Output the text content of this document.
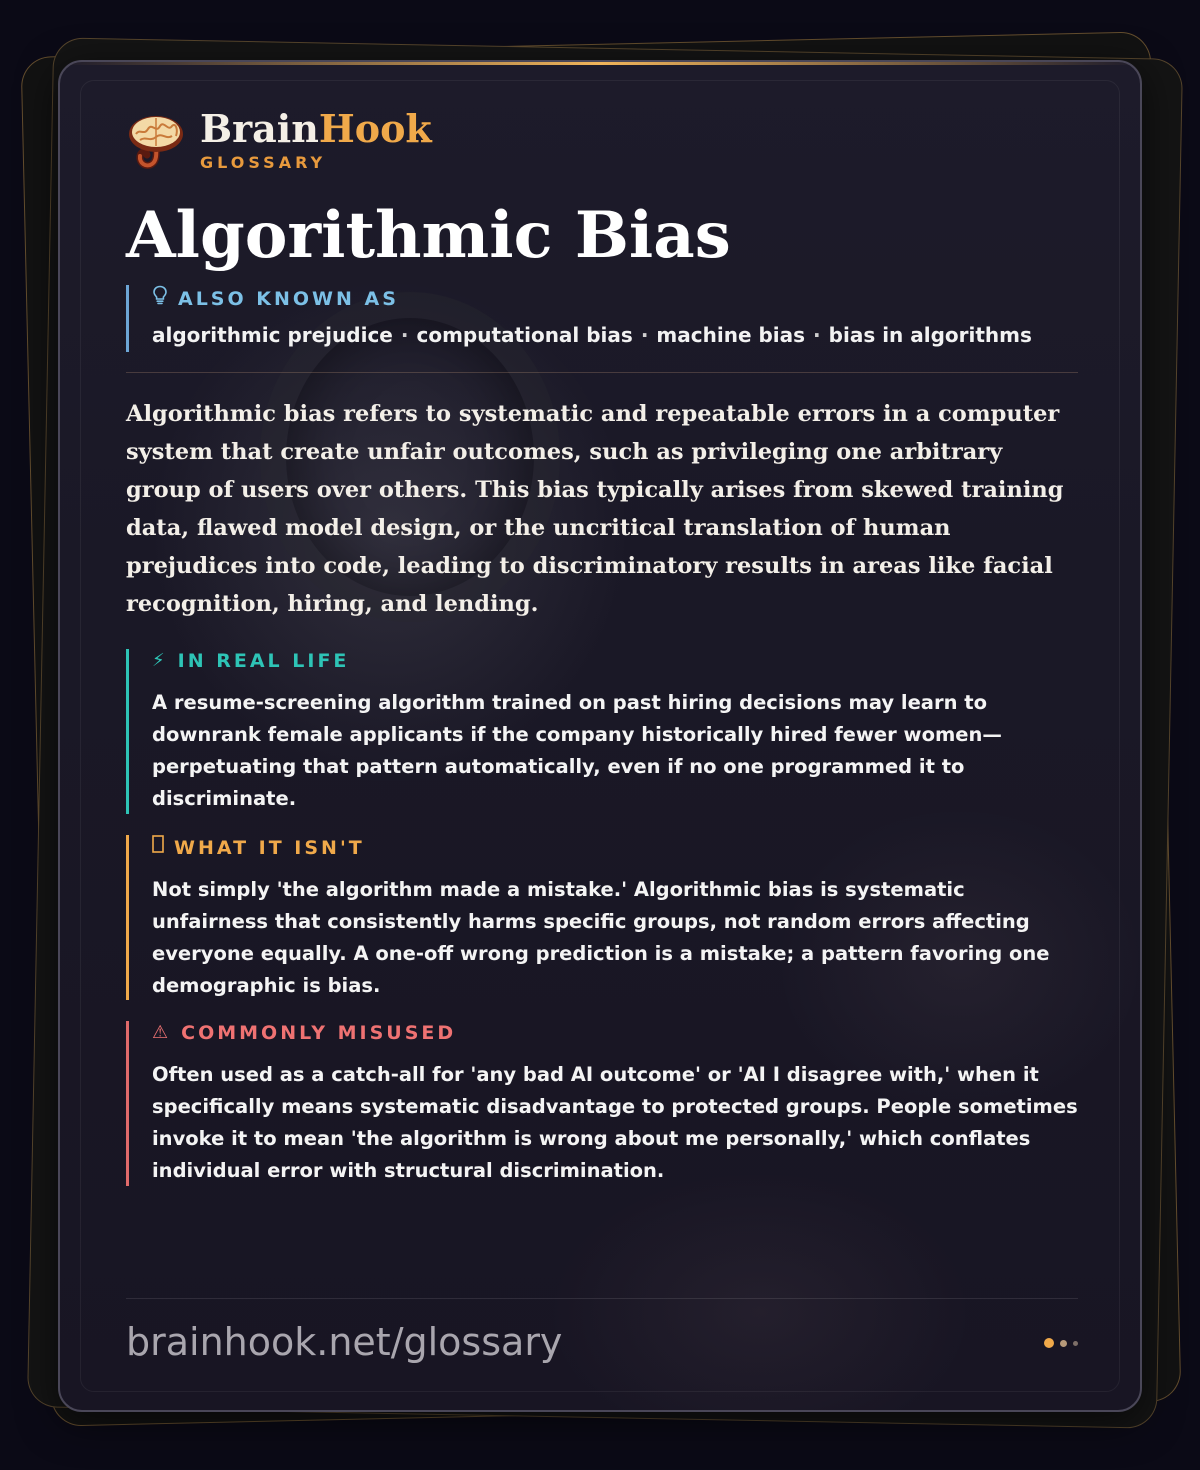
BrainHook
GLOSSARY
Algorithmic Bias
ALSO KNOWN AS
algorithmic prejudice · computational bias · machine bias · bias in algorithms

Algorithmic bias refers to systematic and repeatable errors in a computer system that create unfair outcomes, such as privileging one arbitrary group of users over others. This bias typically arises from skewed training data, flawed model design, or the uncritical translation of human prejudices into code, leading to discriminatory results in areas like facial recognition, hiring, and lending.

⚡ IN REAL LIFE

A resume-screening algorithm trained on past hiring decisions may learn to downrank female applicants if the company historically hired fewer women—perpetuating that pattern automatically, even if no one programmed it to discriminate.

WHAT IT ISN'T

Not simply 'the algorithm made a mistake.' Algorithmic bias is systematic unfairness that consistently harms specific groups, not random errors affecting everyone equally. A one-off wrong prediction is a mistake; a pattern favoring one demographic is bias.

⚠ COMMONLY MISUSED

Often used as a catch-all for 'any bad AI outcome' or 'AI I disagree with,' when it specifically means systematic disadvantage to protected groups. People sometimes invoke it to mean 'the algorithm is wrong about me personally,' which conflates individual error with structural discrimination.

brainhook.net/glossary
